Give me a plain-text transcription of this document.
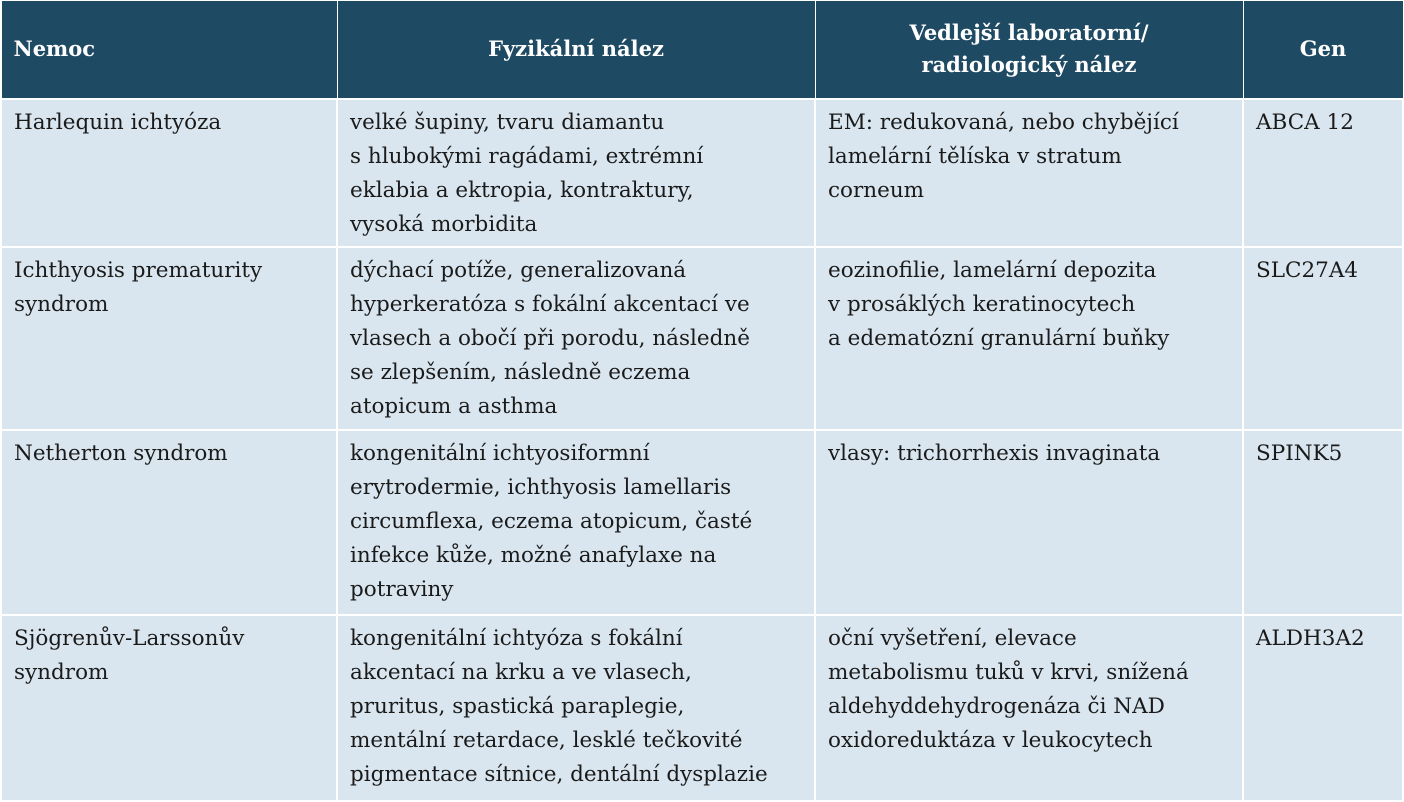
Nemoc	Fyzikální nález	Vedlejší laboratorní/
radiologický nález	Gen

Harlequin ichtyóza	velké šupiny, tvaru diamantu
s hlubokými ragádami, extrémní
eklabia a ektropia, kontraktury,
vysoká morbidita	EM: redukovaná, nebo chybějící
lamelární tělíska v stratum
corneum	ABCA 12

Ichthyosis prematurity
syndrom	dýchací potíže, generalizovaná
hyperkeratóza s fokální akcentací ve
vlasech a obočí při porodu, následně
se zlepšením, následně eczema
atopicum a asthma	eozinofilie, lamelární depozita
v prosáklých keratinocytech
a edematózní granulární buňky	SLC27A4

Netherton syndrom	kongenitální ichtyosiformní
erytrodermie, ichthyosis lamellaris
circumflexa, eczema atopicum, časté
infekce kůže, možné anafylaxe na
potraviny	vlasy: trichorrhexis invaginata	SPINK5

Sjögrenův-Larssonův
syndrom	kongenitální ichtyóza s fokální
akcentací na krku a ve vlasech,
pruritus, spastická paraplegie,
mentální retardace, lesklé tečkovité
pigmentace sítnice, dentální dysplazie	oční vyšetření, elevace
metabolismu tuků v krvi, snížená
aldehyddehydrogenáza či NAD
oxidoreduktáza v leukocytech	ALDH3A2
